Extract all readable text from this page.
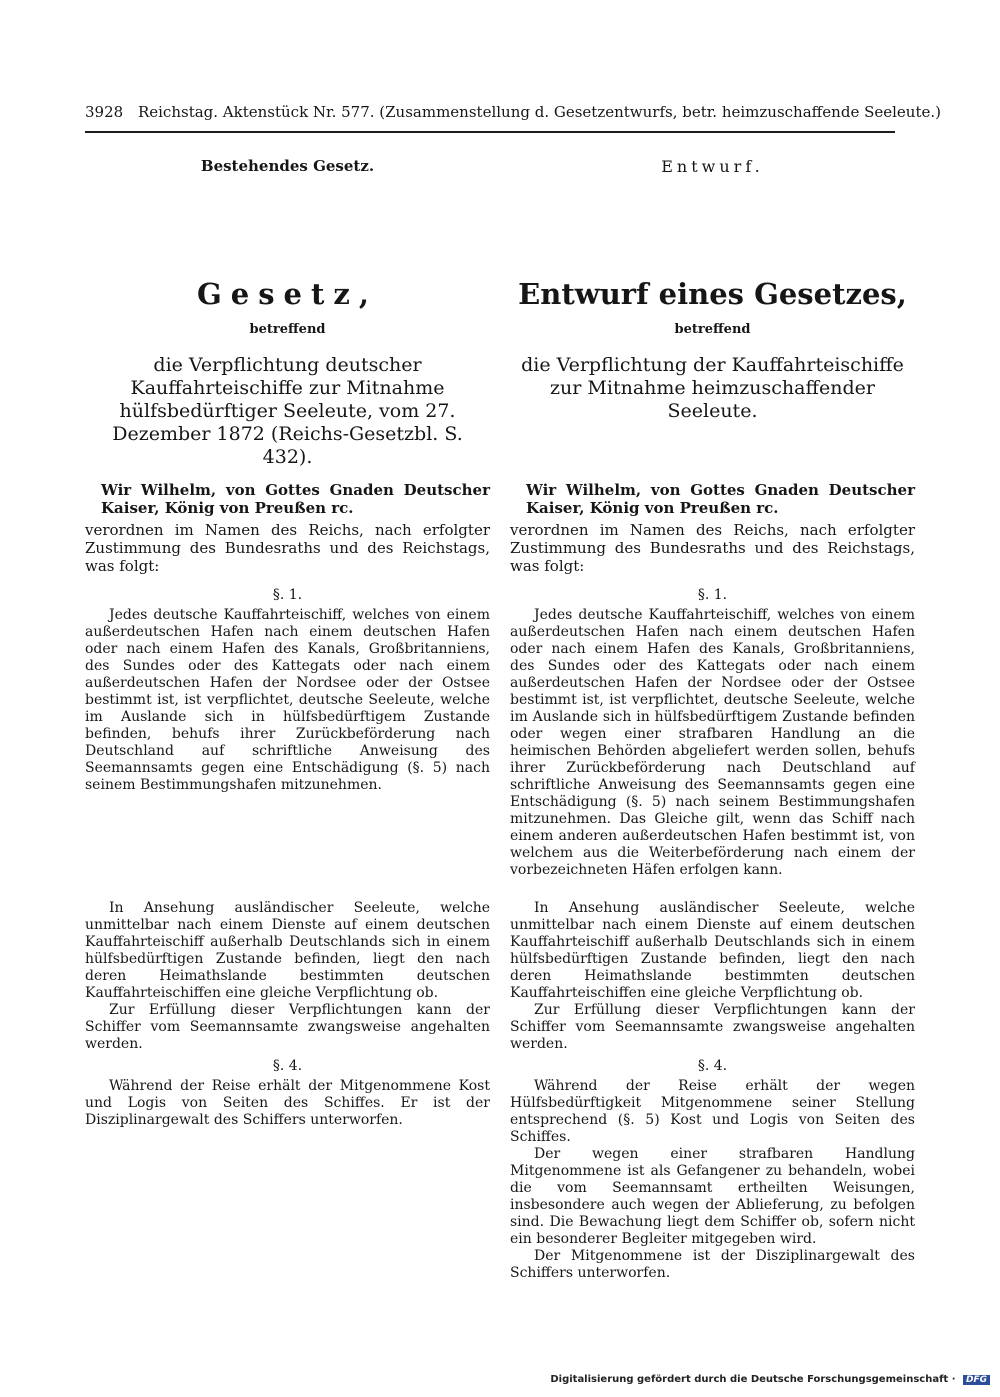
3928 Reichstag. Aktenstück Nr. 577. (Zusammenstellung d. Gesetzentwurfs, betr. heimzuschaffende Seeleute.)
Bestehendes Gesetz.
Gesetz,
betreffend
die Verpflichtung deutscher Kauffahrteischiffe zur Mitnahme hülfsbedürftiger Seeleute, vom 27. Dezember 1872 (Reichs-Gesetzbl. S. 432).
Wir Wilhelm, von Gottes Gnaden Deutscher Kaiser, König von Preußen rc.
verordnen im Namen des Reichs, nach erfolgter Zustimmung des Bundesraths und des Reichstags, was folgt:
§. 1.

Jedes deutsche Kauffahrteischiff, welches von einem außerdeutschen Hafen nach einem deutschen Hafen oder nach einem Hafen des Kanals, Großbritanniens, des Sundes oder des Kattegats oder nach einem außerdeutschen Hafen der Nordsee oder der Ostsee bestimmt ist, ist verpflichtet, deutsche Seeleute, welche im Auslande sich in hülfsbedürftigem Zustande befinden, behufs ihrer Zurückbeförderung nach Deutschland auf schriftliche Anweisung des Seemannsamts gegen eine Entschädigung (§. 5) nach seinem Bestimmungshafen mitzunehmen.

In Ansehung ausländischer Seeleute, welche unmittelbar nach einem Dienste auf einem deutschen Kauffahrteischiff außerhalb Deutschlands sich in einem hülfsbedürftigen Zustande befinden, liegt den nach deren Heimathslande bestimmten deutschen Kauffahrteischiffen eine gleiche Verpflichtung ob.

Zur Erfüllung dieser Verpflichtungen kann der Schiffer vom Seemannsamte zwangsweise angehalten werden.

§. 4.

Während der Reise erhält der Mitgenommene Kost und Logis von Seiten des Schiffes. Er ist der Disziplinargewalt des Schiffers unterworfen.

Entwurf.
Entwurf eines Gesetzes,
betreffend
die Verpflichtung der Kauffahrteischiffe zur Mitnahme heimzuschaffender Seeleute.
Wir Wilhelm, von Gottes Gnaden Deutscher Kaiser, König von Preußen rc.
verordnen im Namen des Reichs, nach erfolgter Zustimmung des Bundesraths und des Reichstags, was folgt:
§. 1.

Jedes deutsche Kauffahrteischiff, welches von einem außerdeutschen Hafen nach einem deutschen Hafen oder nach einem Hafen des Kanals, Großbritanniens, des Sundes oder des Kattegats oder nach einem außerdeutschen Hafen der Nordsee oder der Ostsee bestimmt ist, ist verpflichtet, deutsche Seeleute, welche im Auslande sich in hülfsbedürftigem Zustande befinden oder wegen einer strafbaren Handlung an die heimischen Behörden abgeliefert werden sollen, behufs ihrer Zurückbeförderung nach Deutschland auf schriftliche Anweisung des Seemannsamts gegen eine Entschädigung (§. 5) nach seinem Bestimmungshafen mitzunehmen. Das Gleiche gilt, wenn das Schiff nach einem anderen außerdeutschen Hafen bestimmt ist, von welchem aus die Weiterbeförderung nach einem der vorbezeichneten Häfen erfolgen kann.

In Ansehung ausländischer Seeleute, welche unmittelbar nach einem Dienste auf einem deutschen Kauffahrteischiff außerhalb Deutschlands sich in einem hülfsbedürftigen Zustande befinden, liegt den nach deren Heimathslande bestimmten deutschen Kauffahrteischiffen eine gleiche Verpflichtung ob.

Zur Erfüllung dieser Verpflichtungen kann der Schiffer vom Seemannsamte zwangsweise angehalten werden.

§. 4.

Während der Reise erhält der wegen Hülfsbedürftigkeit Mitgenommene seiner Stellung entsprechend (§. 5) Kost und Logis von Seiten des Schiffes.

Der wegen einer strafbaren Handlung Mitgenommene ist als Gefangener zu behandeln, wobei die vom Seemannsamt ertheilten Weisungen, insbesondere auch wegen der Ablieferung, zu befolgen sind. Die Bewachung liegt dem Schiffer ob, sofern nicht ein besonderer Begleiter mitgegeben wird.

Der Mitgenommene ist der Disziplinargewalt des Schiffers unterworfen.

Digitalisierung gefördert durch die Deutsche Forschungsgemeinschaft · DFG
